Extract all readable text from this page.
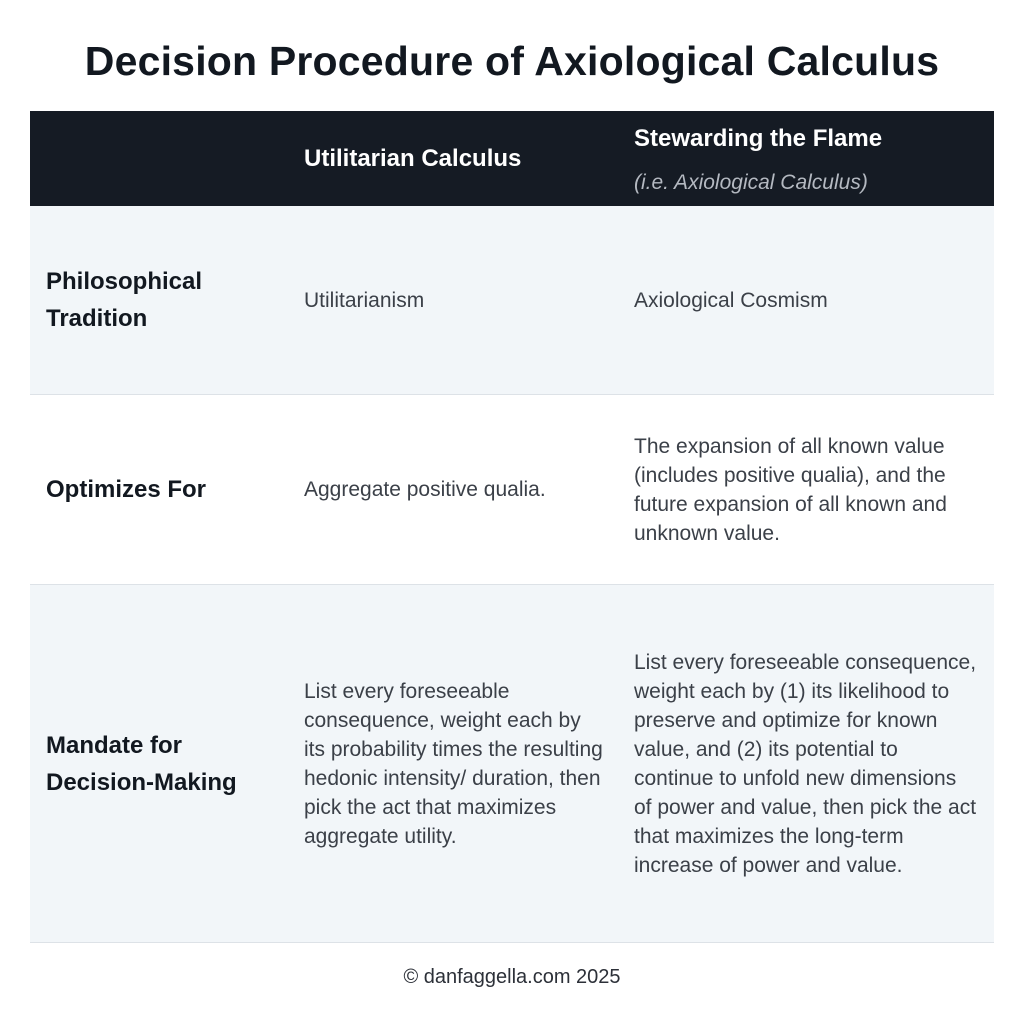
Decision Procedure of Axiological Calculus
Utilitarian Calculus
Stewarding the Flame
(i.e. Axiological Calculus)
Philosophical Tradition
Utilitarianism	Axiological Cosmism
Optimizes For	Aggregate positive qualia.
The expansion of all known value (includes positive qualia), and the future expansion of all known and unknown value.
Mandate for Decision-Making
List every foreseeable consequence, weight each by its probability times the resulting hedonic intensity/ duration, then pick the act that maximizes aggregate utility.
List every foreseeable consequence, weight each by (1) its likelihood to preserve and optimize for known value, and (2) its potential to continue to unfold new dimensions of power and value, then pick the act that maximizes the long-term increase of power and value.
© danfaggella.com 2025
